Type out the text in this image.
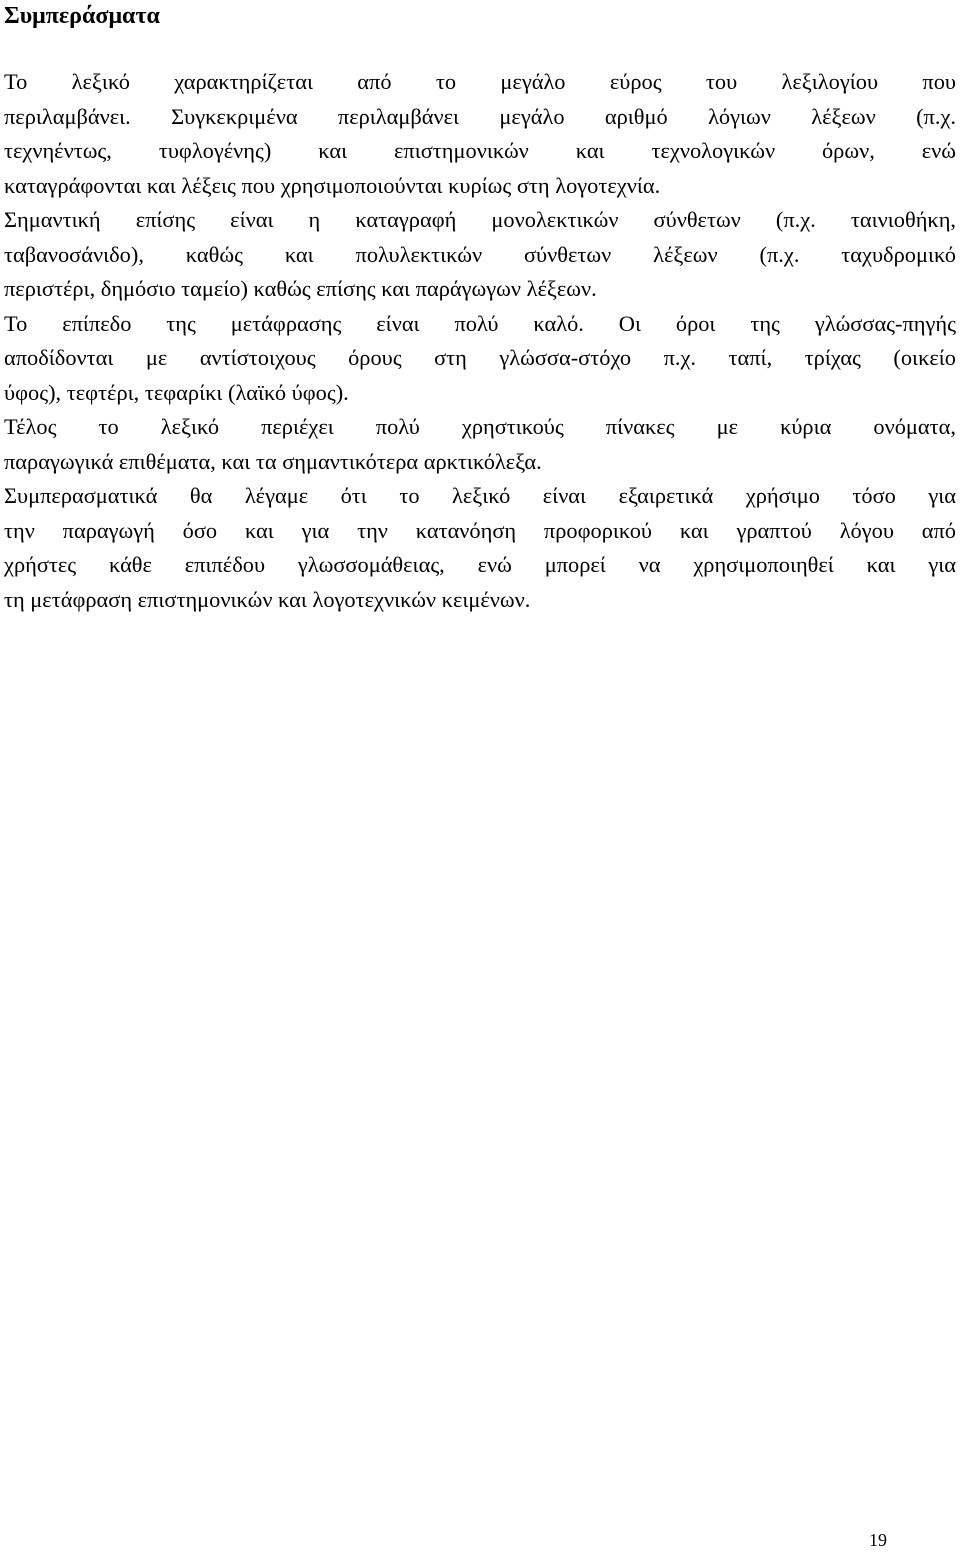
Συμπεράσματα
Το λεξικό χαρακτηρίζεται από το μεγάλο εύρος του λεξιλογίου που
περιλαμβάνει. Συγκεκριμένα περιλαμβάνει μεγάλο αριθμό λόγιων λέξεων (π.χ.
τεχνηέντως, τυφλογένης) και επιστημονικών και τεχνολογικών όρων, ενώ
καταγράφονται και λέξεις που χρησιμοποιούνται κυρίως στη λογοτεχνία.
Σημαντική επίσης είναι η καταγραφή μονολεκτικών σύνθετων (π.χ. ταινιοθήκη,
ταβανοσάνιδο), καθώς και πολυλεκτικών σύνθετων λέξεων (π.χ. ταχυδρομικό
περιστέρι, δημόσιο ταμείο) καθώς επίσης και παράγωγων λέξεων.
Το επίπεδο της μετάφρασης είναι πολύ καλό. Οι όροι της γλώσσας-πηγής
αποδίδονται με αντίστοιχους όρους στη γλώσσα-στόχο π.χ. ταπί, τρίχας (οικείο
ύφος), τεφτέρι, τεφαρίκι (λαϊκό ύφος).
Τέλος το λεξικό περιέχει πολύ χρηστικούς πίνακες με κύρια ονόματα,
παραγωγικά επιθέματα, και τα σημαντικότερα αρκτικόλεξα.
Συμπερασματικά θα λέγαμε ότι το λεξικό είναι εξαιρετικά χρήσιμο τόσο για
την παραγωγή όσο και για την κατανόηση προφορικού και γραπτού λόγου από
χρήστες κάθε επιπέδου γλωσσομάθειας, ενώ μπορεί να χρησιμοποιηθεί και για
τη μετάφραση επιστημονικών και λογοτεχνικών κειμένων.
19
